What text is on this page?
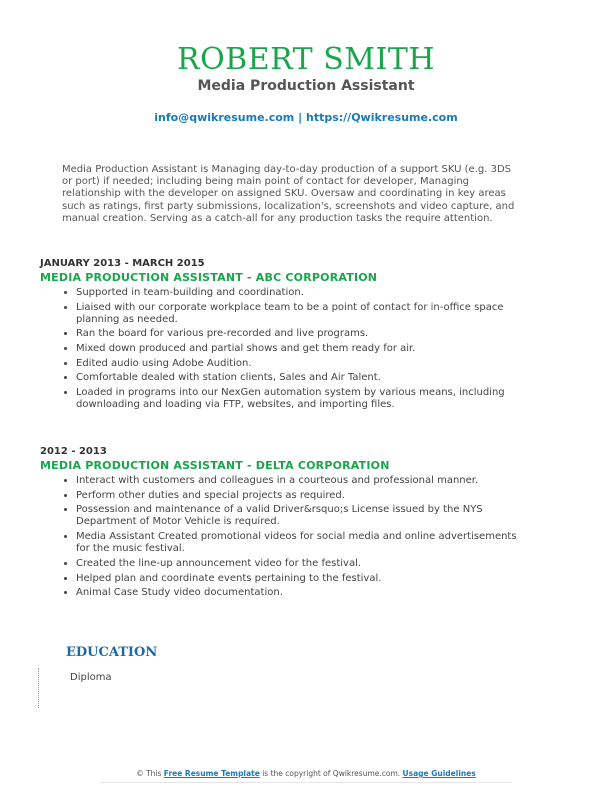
ROBERT SMITH
Media Production Assistant
info@qwikresume.com | https://Qwikresume.com
Media Production Assistant is Managing day-to-day production of a support SKU (e.g. 3DS or port) if needed; including being main point of contact for developer, Managing relationship with the developer on assigned SKU. Oversaw and coordinating in key areas such as ratings, first party submissions, localization's, screenshots and video capture, and manual creation. Serving as a catch-all for any production tasks the require attention.
JANUARY 2013 - MARCH 2015
MEDIA PRODUCTION ASSISTANT - ABC CORPORATION
Supported in team-building and coordination.
Liaised with our corporate workplace team to be a point of contact for in-office space planning as needed.
Ran the board for various pre-recorded and live programs.
Mixed down produced and partial shows and get them ready for air.
Edited audio using Adobe Audition.
Comfortable dealed with station clients, Sales and Air Talent.
Loaded in programs into our NexGen automation system by various means, including downloading and loading via FTP, websites, and importing files.
2012 - 2013
MEDIA PRODUCTION ASSISTANT - DELTA CORPORATION
Interact with customers and colleagues in a courteous and professional manner.
Perform other duties and special projects as required.
Possession and maintenance of a valid Driver&rsquo;s License issued by the NYS Department of Motor Vehicle is required.
Media Assistant Created promotional videos for social media and online advertisements for the music festival.
Created the line-up announcement video for the festival.
Helped plan and coordinate events pertaining to the festival.
Animal Case Study video documentation.
EDUCATION
Diploma
© This Free Resume Template is the copyright of Qwikresume.com. Usage Guidelines
